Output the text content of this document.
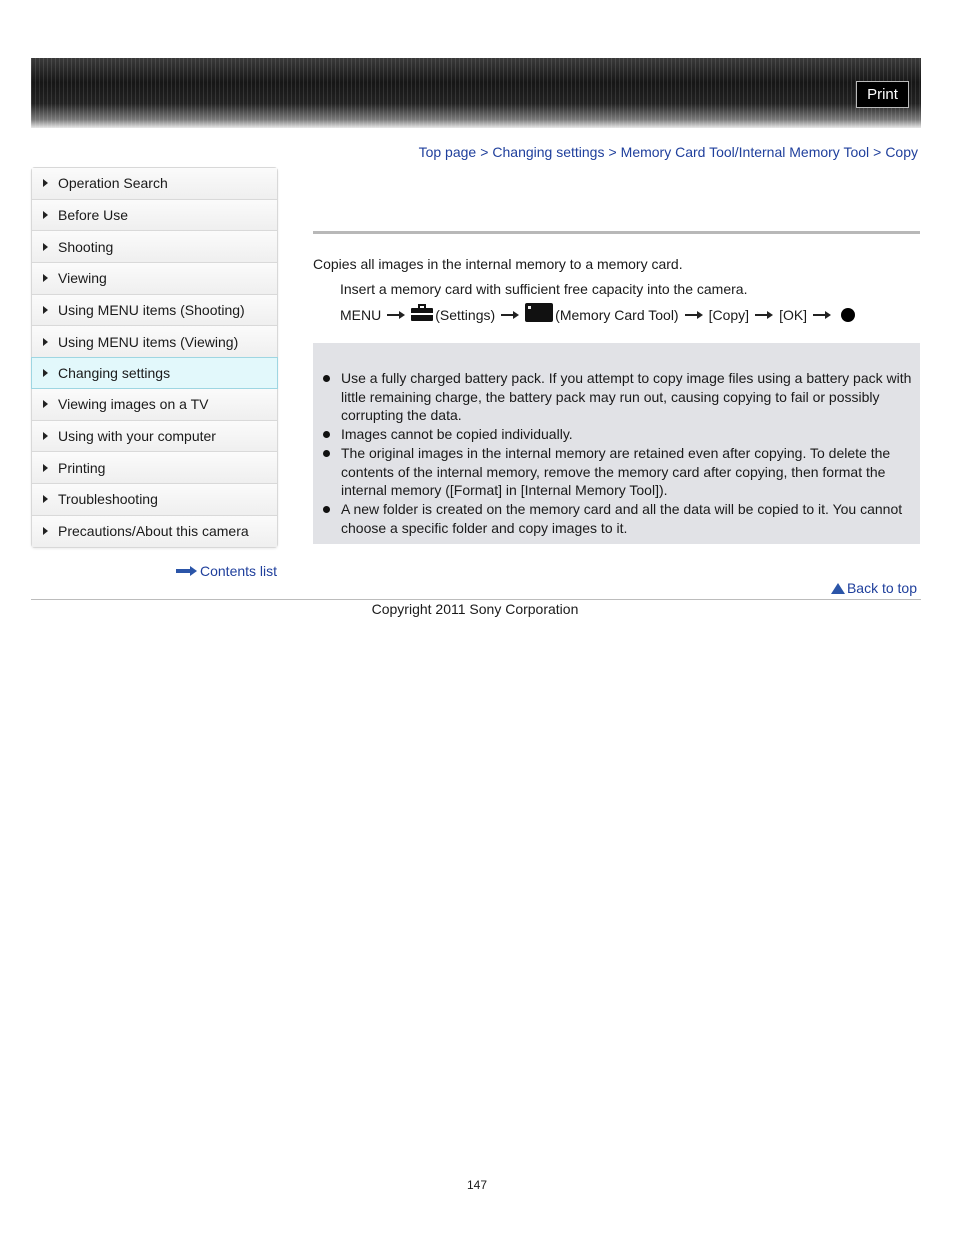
Print
Top page > Changing settings > Memory Card Tool/Internal Memory Tool > Copy
Operation Search
Before Use
Shooting
Viewing
Using MENU items (Shooting)
Using MENU items (Viewing)
Changing settings
Viewing images on a TV
Using with your computer
Printing
Troubleshooting
Precautions/About this camera
Contents list
Copies all images in the internal memory to a memory card.
Insert a memory card with sufficient free capacity into the camera.
MENU	(Settings)	(Memory Card Tool) [Copy] [OK]
Use a fully charged battery pack. If you attempt to copy image files using a battery pack with little remaining charge, the battery pack may run out, causing copying to fail or possibly corrupting the data.
Images cannot be copied individually.
The original images in the internal memory are retained even after copying. To delete the contents of the internal memory, remove the memory card after copying, then format the internal memory ([Format] in [Internal Memory Tool]).
A new folder is created on the memory card and all the data will be copied to it. You cannot choose a specific folder and copy images to it.
Back to top
Copyright 2011 Sony Corporation
147
